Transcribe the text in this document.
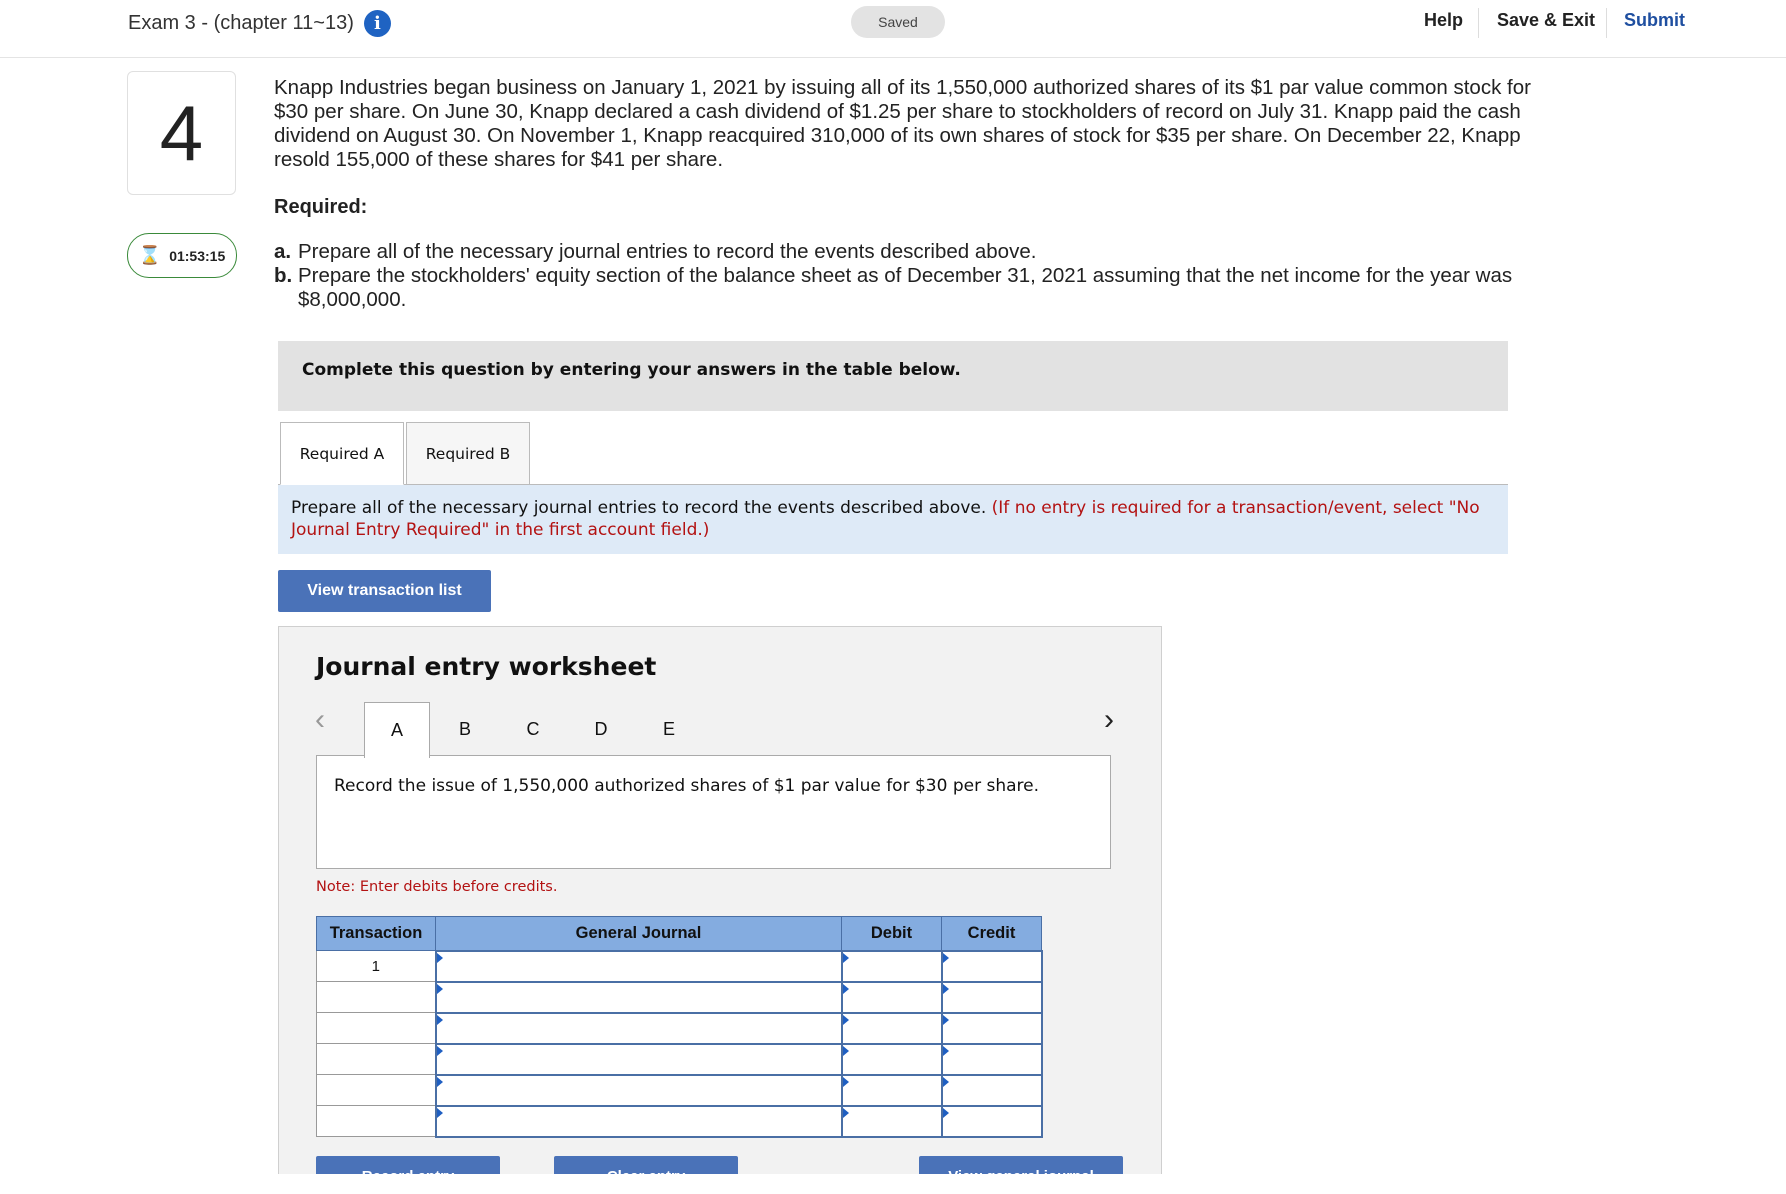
Exam 3 - (chapter 11~13)	i	Saved	Help Save & Exit Submit
4
⌛ 01:53:15
Knapp Industries began business on January 1, 2021 by issuing all of its 1,550,000 authorized shares of its $1 par value common stock for $30 per share. On June 30, Knapp declared a cash dividend of $1.25 per share to stockholders of record on July 31. Knapp paid the cash dividend on August 30. On November 1, Knapp reacquired 310,000 of its own shares of stock for $35 per share. On December 22, Knapp resold 155,000 of these shares for $41 per share.
Required:
a. Prepare all of the necessary journal entries to record the events described above.
b. Prepare the stockholders' equity section of the balance sheet as of December 31, 2021 assuming that the net income for the year was $8,000,000.
Complete this question by entering your answers in the table below.
Required A	Required B
Prepare all of the necessary journal entries to record the events described above. (If no entry is required for a transaction/event, select "No Journal Entry Required" in the first account field.)
View transaction list
Journal entry worksheet
‹	A	B	C	D	E	›
Record the issue of 1,550,000 authorized shares of $1 par value for $30 per share.
Note: Enter debits before credits.
Transaction	General Journal	Debit	Credit
1			
